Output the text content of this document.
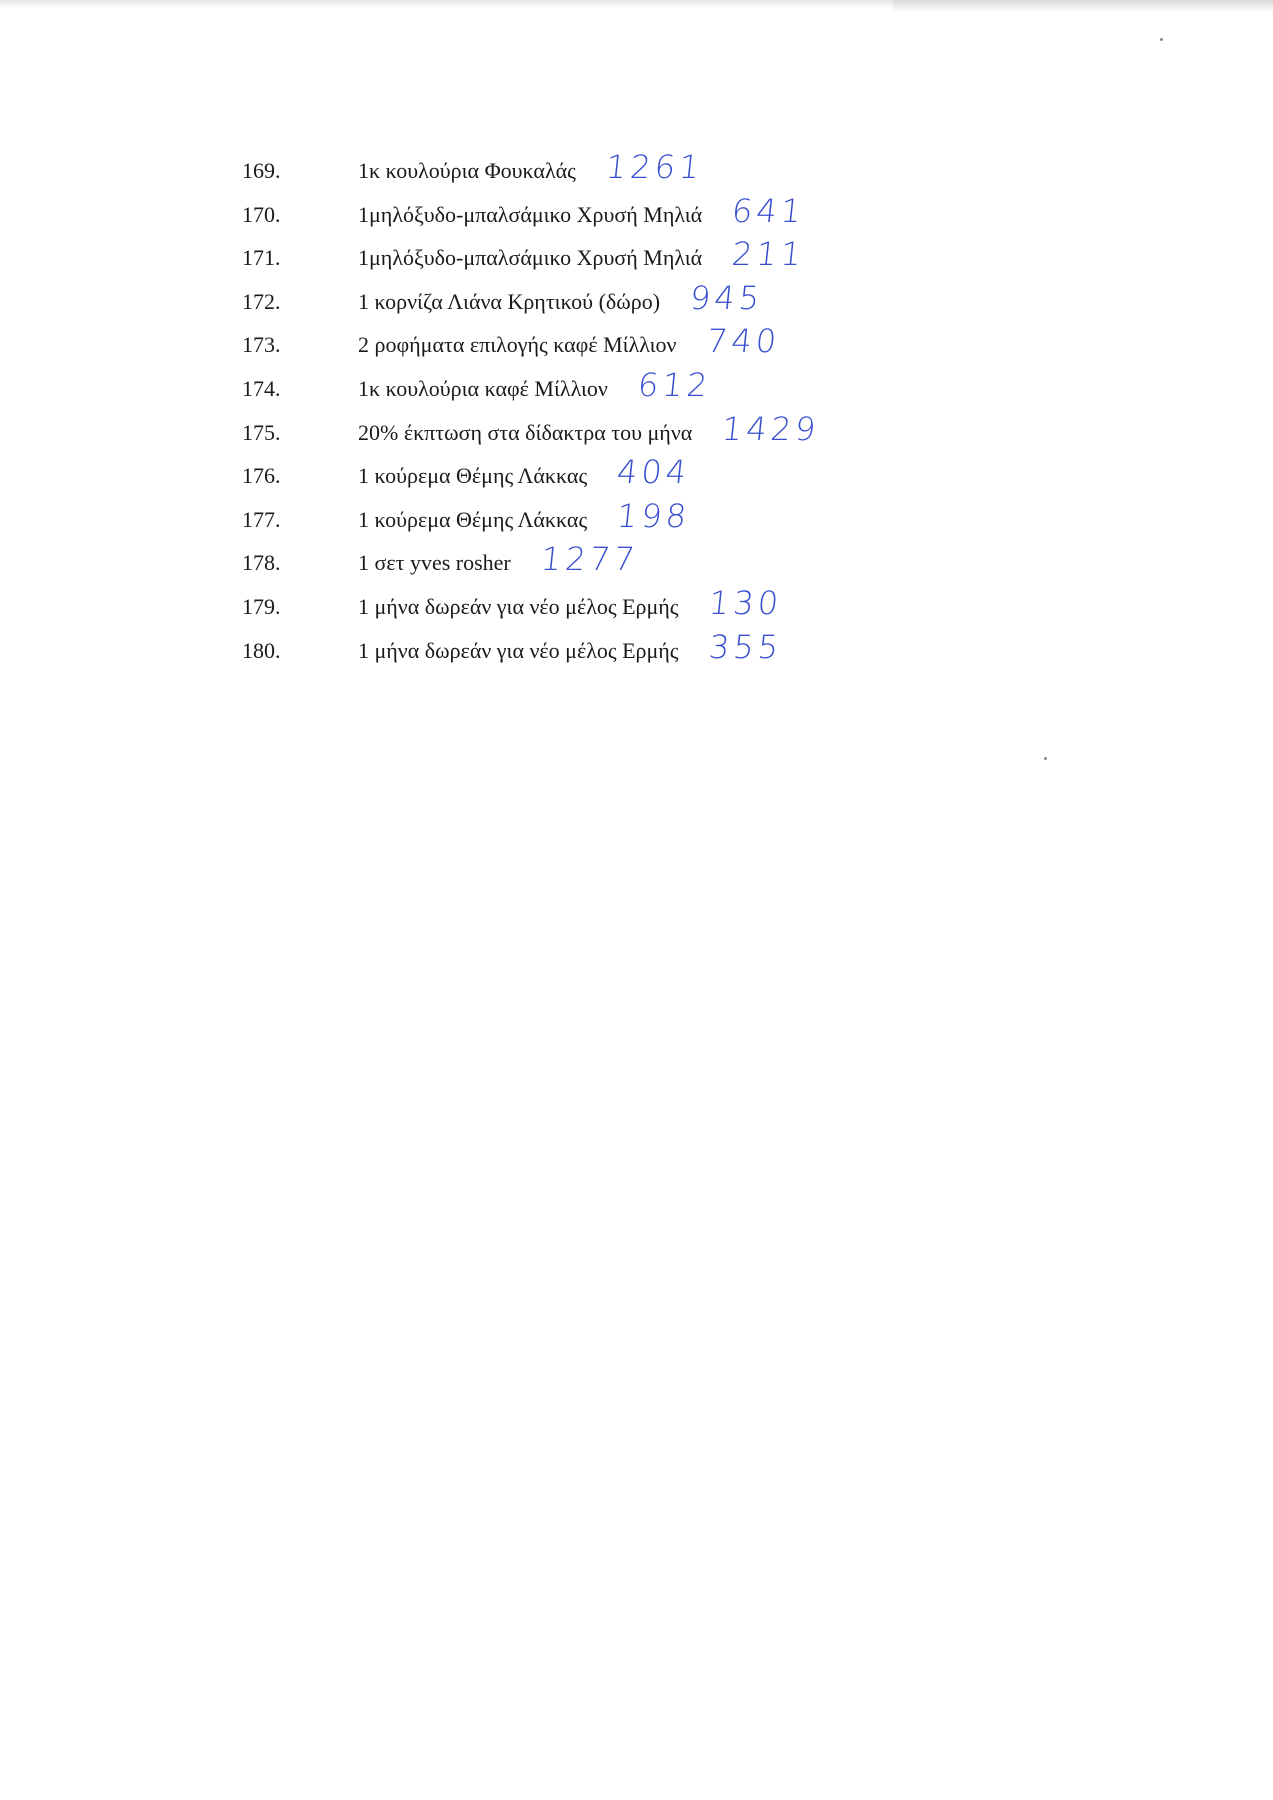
169.	1κ κουλούρια Φουκαλάς 1261
170.	1μηλόξυδο-μπαλσάμικο Χρυσή Μηλιά 641
171.	1μηλόξυδο-μπαλσάμικο Χρυσή Μηλιά 211
172.	1 κορνίζα Λιάνα Κρητικού (δώρο) 945
173.	2 ροφήματα επιλογής καφέ Μίλλιον 740
174.	1κ κουλούρια καφέ Μίλλιον 612
175.	20% έκπτωση στα δίδακτρα του μήνα 1429
176.	1 κούρεμα Θέμης Λάκκας 404
177.	1 κούρεμα Θέμης Λάκκας 198
178.	1 σετ yves rosher 1277
179.	1 μήνα δωρεάν για νέο μέλος Ερμής 130
180.	1 μήνα δωρεάν για νέο μέλος Ερμής 355
